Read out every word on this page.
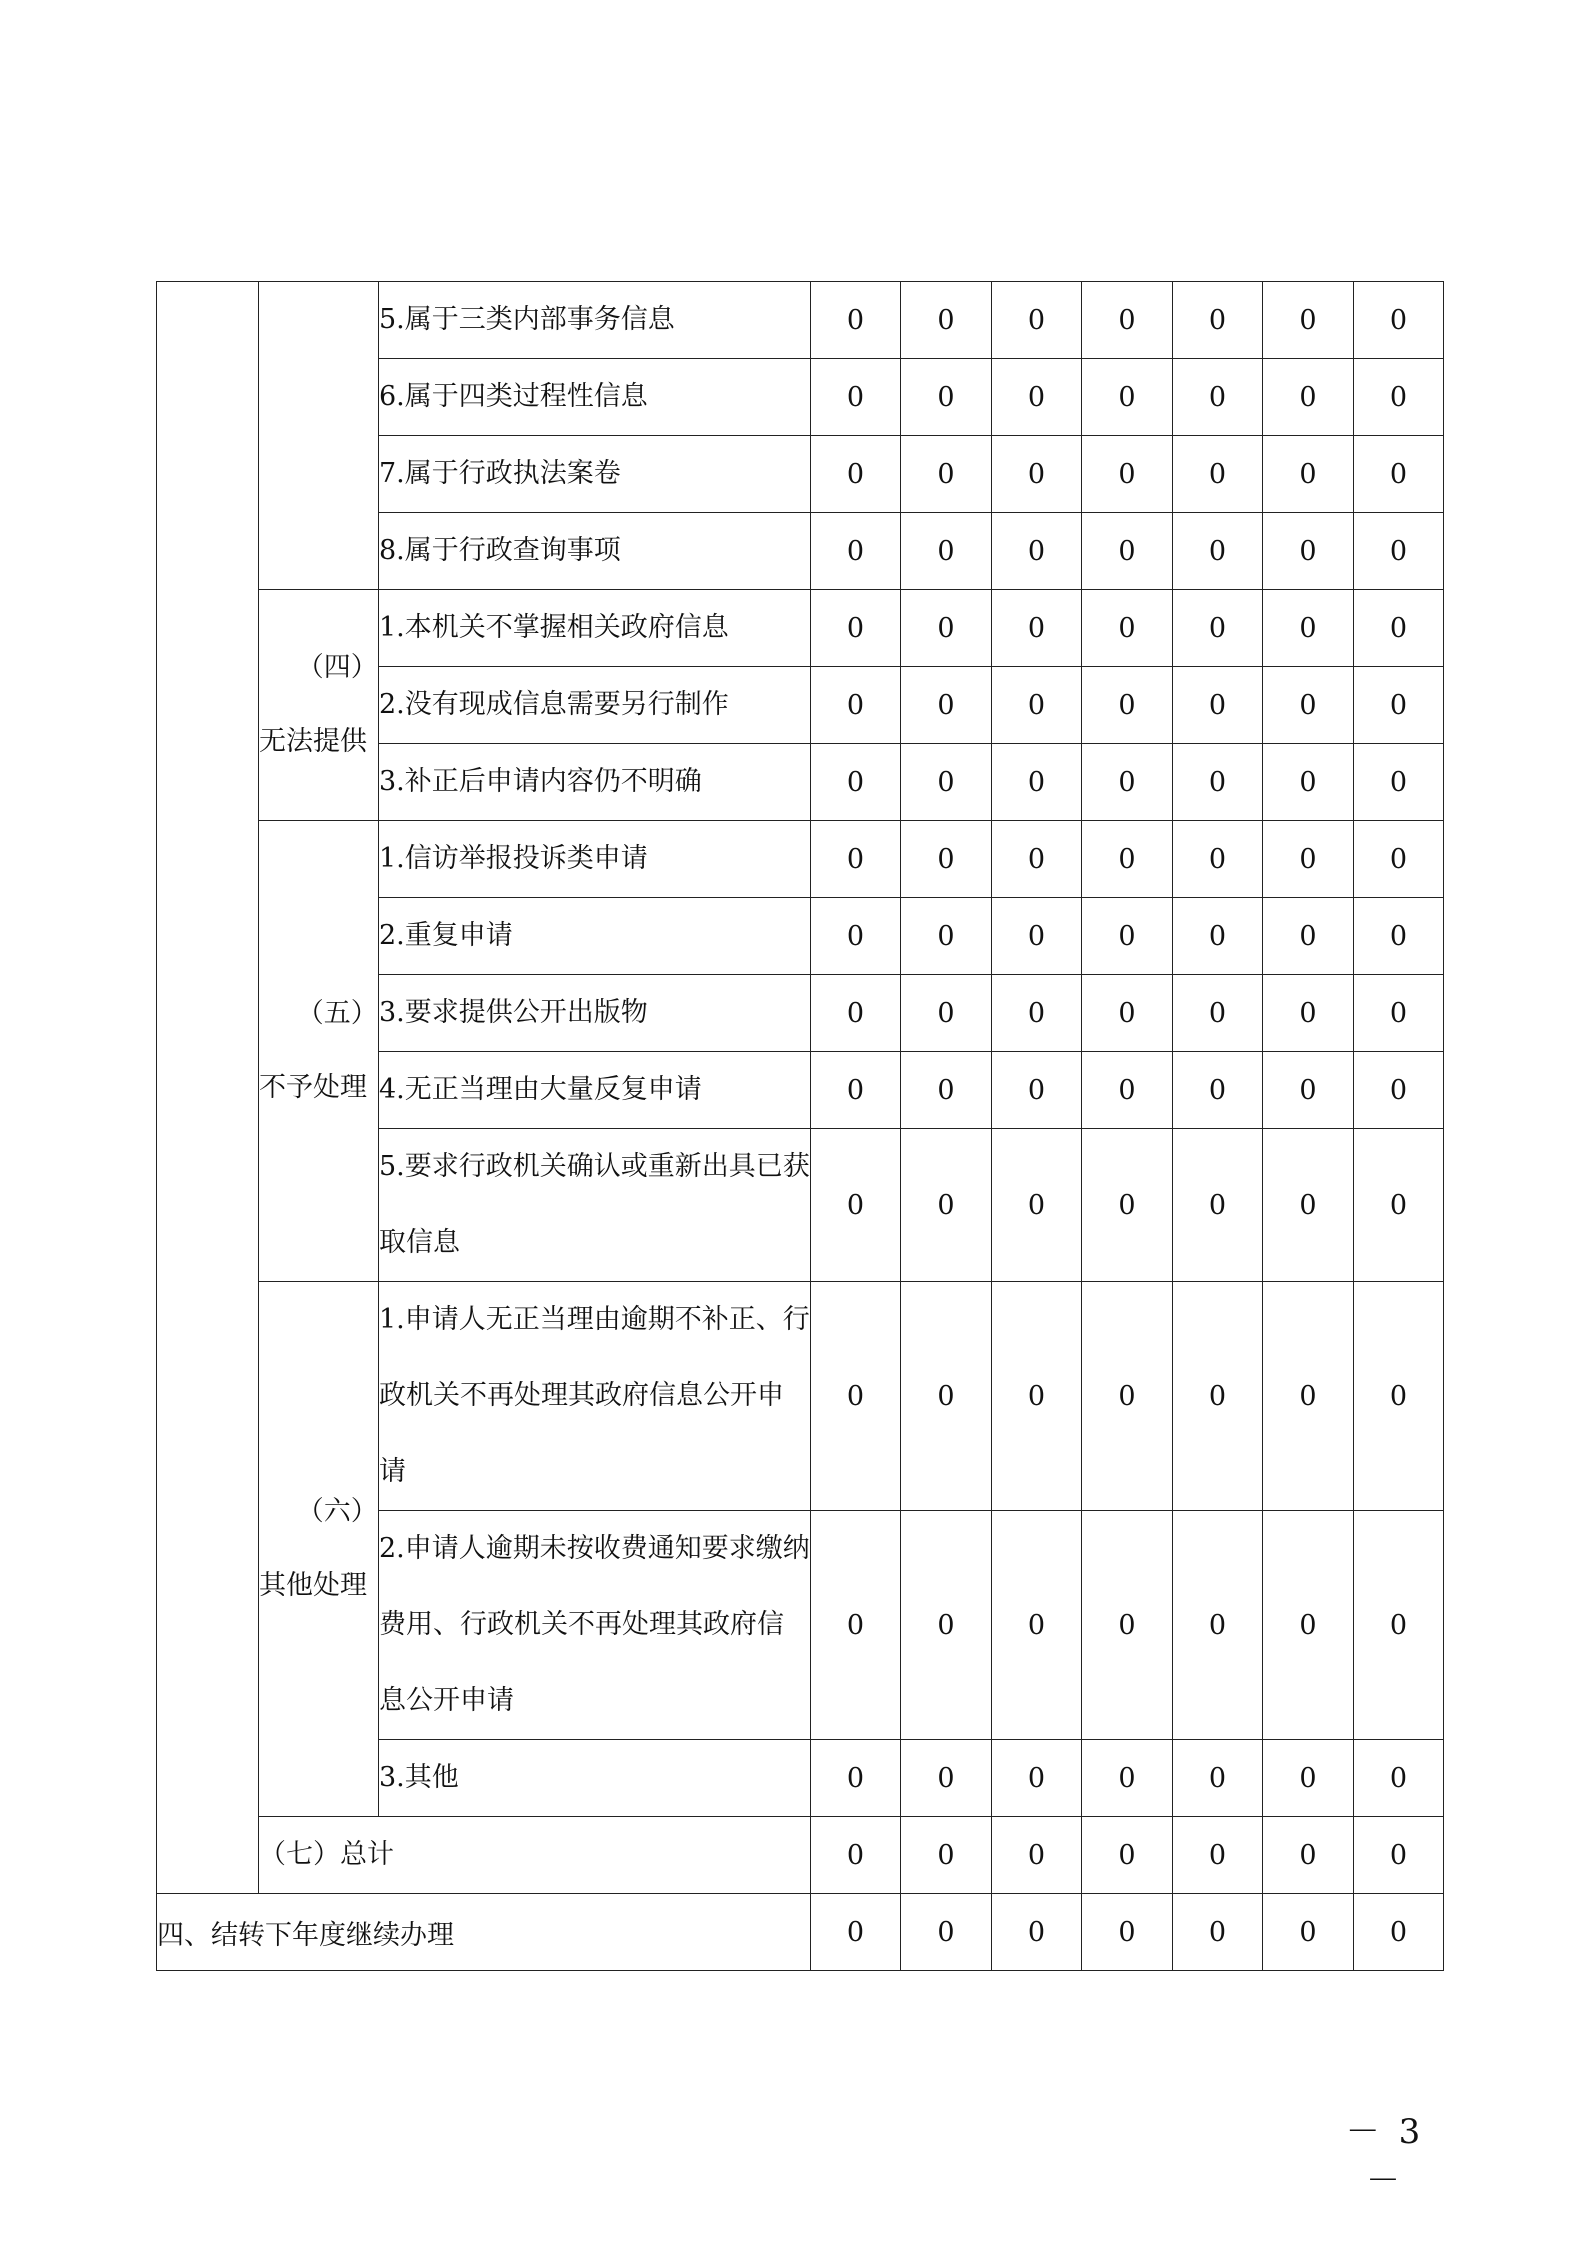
		5.属于三类内部事务信息	0	0	0	0	0	0	0
		6.属于四类过程性信息	0	0	0	0	0	0	0
		7.属于行政执法案卷	0	0	0	0	0	0	0
		8.属于行政查询事项	0	0	0	0	0	0	0
	（四）无法提供	1.本机关不掌握相关政府信息	0	0	0	0	0	0	0
		2.没有现成信息需要另行制作	0	0	0	0	0	0	0
		3.补正后申请内容仍不明确	0	0	0	0	0	0	0
	（五）不予处理	1.信访举报投诉类申请	0	0	0	0	0	0	0
		2.重复申请	0	0	0	0	0	0	0
		3.要求提供公开出版物	0	0	0	0	0	0	0
		4.无正当理由大量反复申请	0	0	0	0	0	0	0
		5.要求行政机关确认或重新出具已获取信息	0	0	0	0	0	0	0
	（六）其他处理	1.申请人无正当理由逾期不补正、行政机关不再处理其政府信息公开申请	0	0	0	0	0	0	0
		2.申请人逾期未按收费通知要求缴纳费用、行政机关不再处理其政府信息公开申请	0	0	0	0	0	0	0
		3.其他	0	0	0	0	0	0	0
	（七）总计		0	0	0	0	0	0	0
四、结转下年度继续办理			0	0	0	0	0	0	0
－ 3 －
